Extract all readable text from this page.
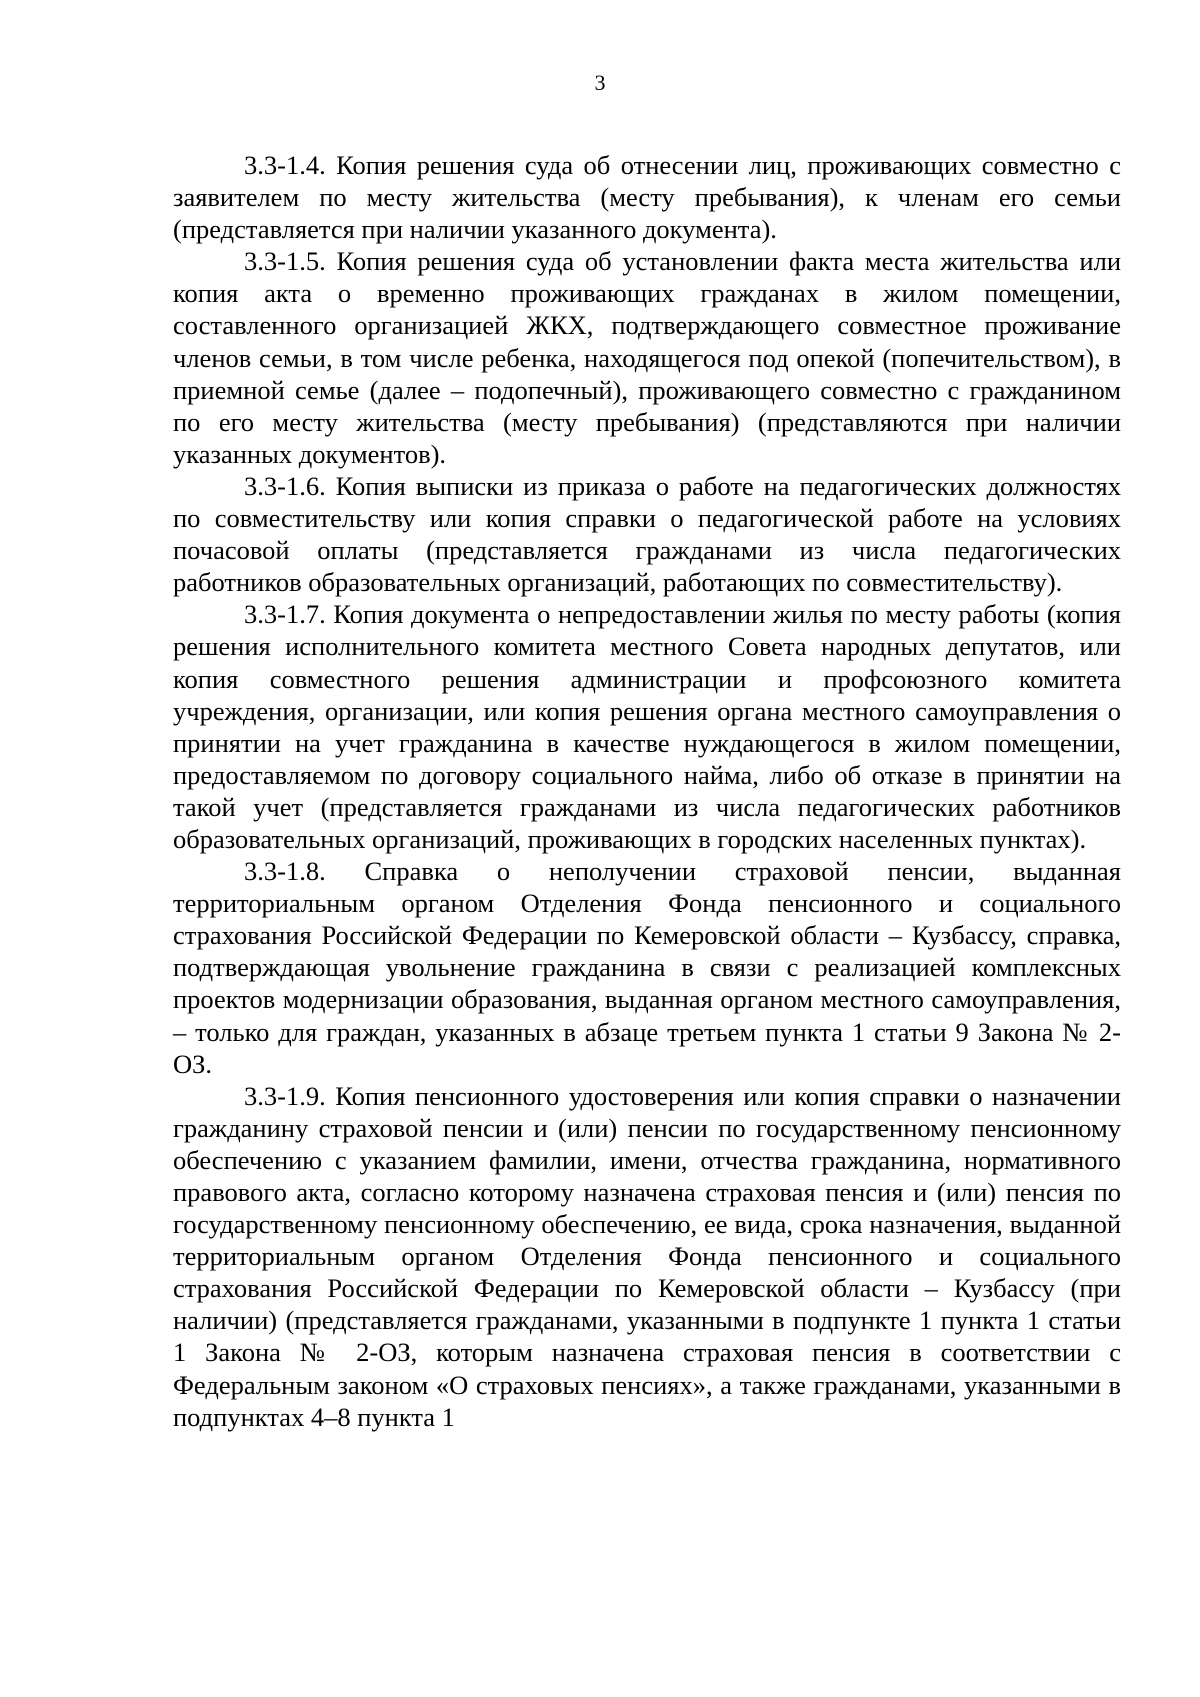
3

3.3-1.4. Копия решения суда об отнесении лиц, проживающих совместно с заявителем по месту жительства (месту пребывания), к членам его семьи (представляется при наличии указанного документа).

3.3-1.5. Копия решения суда об установлении факта места жительства или копия акта о временно проживающих гражданах в жилом помещении, составленного организацией ЖКХ, подтверждающего совместное проживание членов семьи, в том числе ребенка, находящегося под опекой (попечительством), в приемной семье (далее – подопечный), проживающего совместно с гражданином по его месту жительства (месту пребывания) (представляются при наличии указанных документов).

3.3-1.6. Копия выписки из приказа о работе на педагогических должностях по совместительству или копия справки о педагогической работе на условиях почасовой оплаты (представляется гражданами из числа педагогических работников образовательных организаций, работающих по совместительству).

3.3-1.7. Копия документа о непредоставлении жилья по месту работы (копия решения исполнительного комитета местного Совета народных депутатов, или копия совместного решения администрации и профсоюзного комитета учреждения, организации, или копия решения органа местного самоуправления о принятии на учет гражданина в качестве нуждающегося в жилом помещении, предоставляемом по договору социального найма, либо об отказе в принятии на такой учет (представляется гражданами из числа педагогических работников образовательных организаций, проживающих в городских населенных пунктах).

3.3-1.8. Справка о неполучении страховой пенсии, выданная территориальным органом Отделения Фонда пенсионного и социального страхования Российской Федерации по Кемеровской области – Кузбассу, справка, подтверждающая увольнение гражданина в связи с реализацией комплексных проектов модернизации образования, выданная органом местного самоуправления, – только для граждан, указанных в абзаце третьем пункта 1 статьи 9 Закона № 2-ОЗ.

3.3-1.9. Копия пенсионного удостоверения или копия справки о назначении гражданину страховой пенсии и (или) пенсии по государственному пенсионному обеспечению с указанием фамилии, имени, отчества гражданина, нормативного правового акта, согласно которому назначена страховая пенсия и (или) пенсия по государственному пенсионному обеспечению, ее вида, срока назначения, выданной территориальным органом Отделения Фонда пенсионного и социального страхования Российской Федерации по Кемеровской области – Кузбассу (при наличии) (представляется гражданами, указанными в подпункте 1 пункта 1 статьи 1 Закона № 2-ОЗ, которым назначена страховая пенсия в соответствии с Федеральным законом «О страховых пенсиях», а также гражданами, указанными в подпунктах 4–8 пункта 1
